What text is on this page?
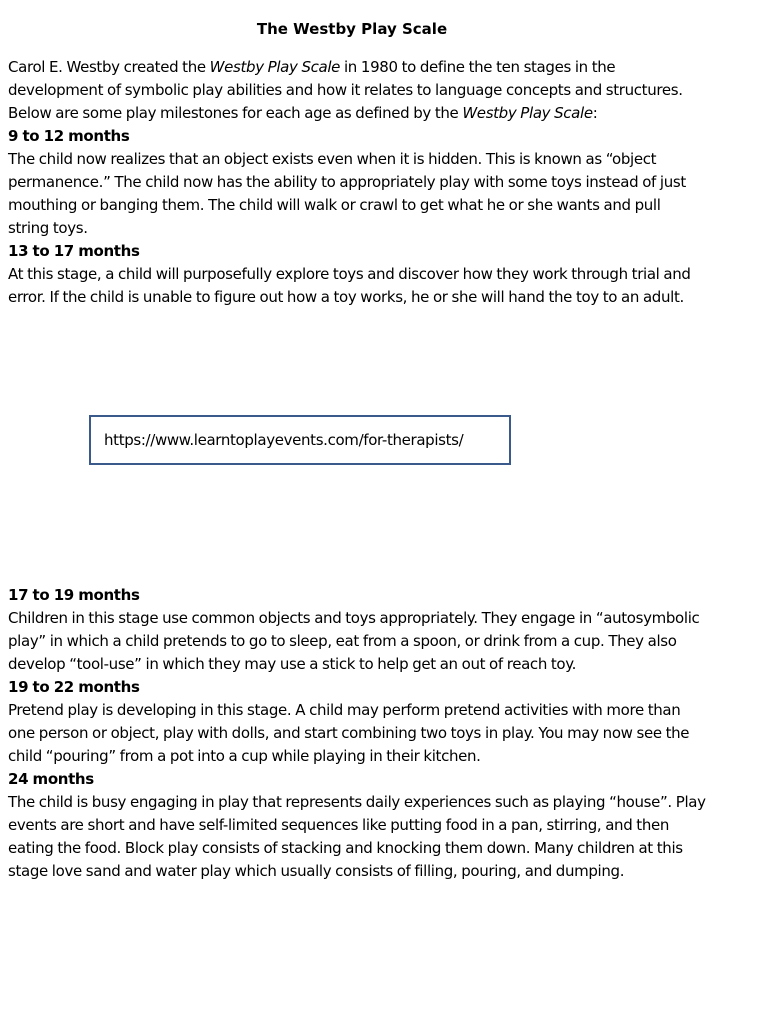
The Westby Play Scale
Carol E. Westby created the Westby Play Scale in 1980 to define the ten stages in the
development of symbolic play abilities and how it relates to language concepts and structures.
Below are some play milestones for each age as defined by the Westby Play Scale:
9 to 12 months
The child now realizes that an object exists even when it is hidden. This is known as “object
permanence.” The child now has the ability to appropriately play with some toys instead of just
mouthing or banging them. The child will walk or crawl to get what he or she wants and pull
string toys.
13 to 17 months
At this stage, a child will purposefully explore toys and discover how they work through trial and
error. If the child is unable to figure out how a toy works, he or she will hand the toy to an adult.
https://www.learntoplayevents.com/for-therapists/
17 to 19 months
Children in this stage use common objects and toys appropriately. They engage in “autosymbolic
play” in which a child pretends to go to sleep, eat from a spoon, or drink from a cup. They also
develop “tool-use” in which they may use a stick to help get an out of reach toy.
19 to 22 months
Pretend play is developing in this stage. A child may perform pretend activities with more than
one person or object, play with dolls, and start combining two toys in play. You may now see the
child “pouring” from a pot into a cup while playing in their kitchen.
24 months
The child is busy engaging in play that represents daily experiences such as playing “house”. Play
events are short and have self-limited sequences like putting food in a pan, stirring, and then
eating the food. Block play consists of stacking and knocking them down. Many children at this
stage love sand and water play which usually consists of filling, pouring, and dumping.
